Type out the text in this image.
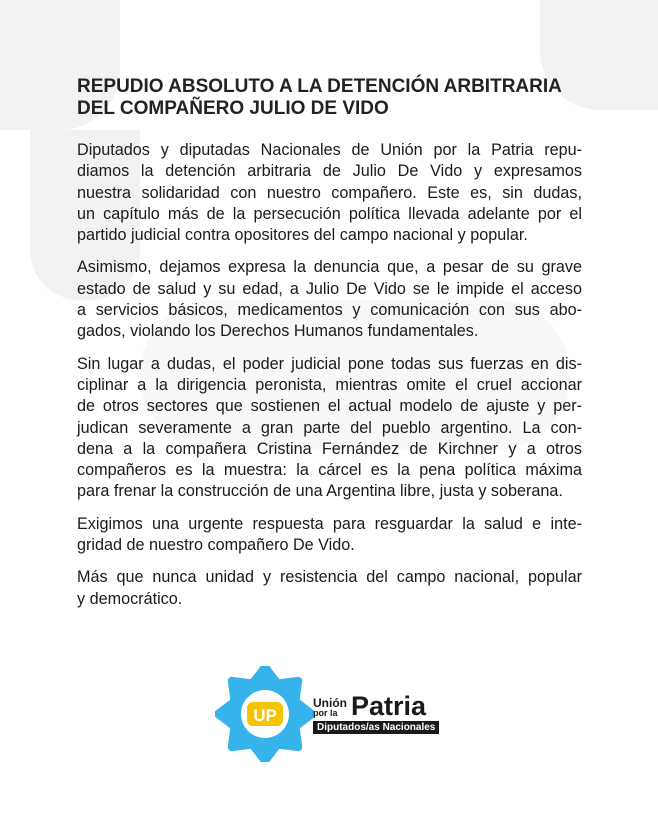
REPUDIO ABSOLUTO A LA DETENCIÓN ARBITRARIA
DEL COMPAÑERO JULIO DE VIDO
Diputados y diputadas Nacionales de Unión por la Patria repu-
diamos la detención arbitraria de Julio De Vido y expresamos
nuestra solidaridad con nuestro compañero. Este es, sin dudas,
un capítulo más de la persecución política llevada adelante por el
partido judicial contra opositores del campo nacional y popular.
Asimismo, dejamos expresa la denuncia que, a pesar de su grave
estado de salud y su edad, a Julio De Vido se le impide el acceso
a servicios básicos, medicamentos y comunicación con sus abo-
gados, violando los Derechos Humanos fundamentales.
Sin lugar a dudas, el poder judicial pone todas sus fuerzas en dis-
ciplinar a la dirigencia peronista, mientras omite el cruel accionar
de otros sectores que sostienen el actual modelo de ajuste y per-
judican severamente a gran parte del pueblo argentino. La con-
dena a la compañera Cristina Fernández de Kirchner y a otros
compañeros es la muestra: la cárcel es la pena política máxima
para frenar la construcción de una Argentina libre, justa y soberana.
Exigimos una urgente respuesta para resguardar la salud e inte-
gridad de nuestro compañero De Vido.
Más que nunca unidad y resistencia del campo nacional, popular
y democrático.
UP
Unión
por la Patria
Diputados/as Nacionales
